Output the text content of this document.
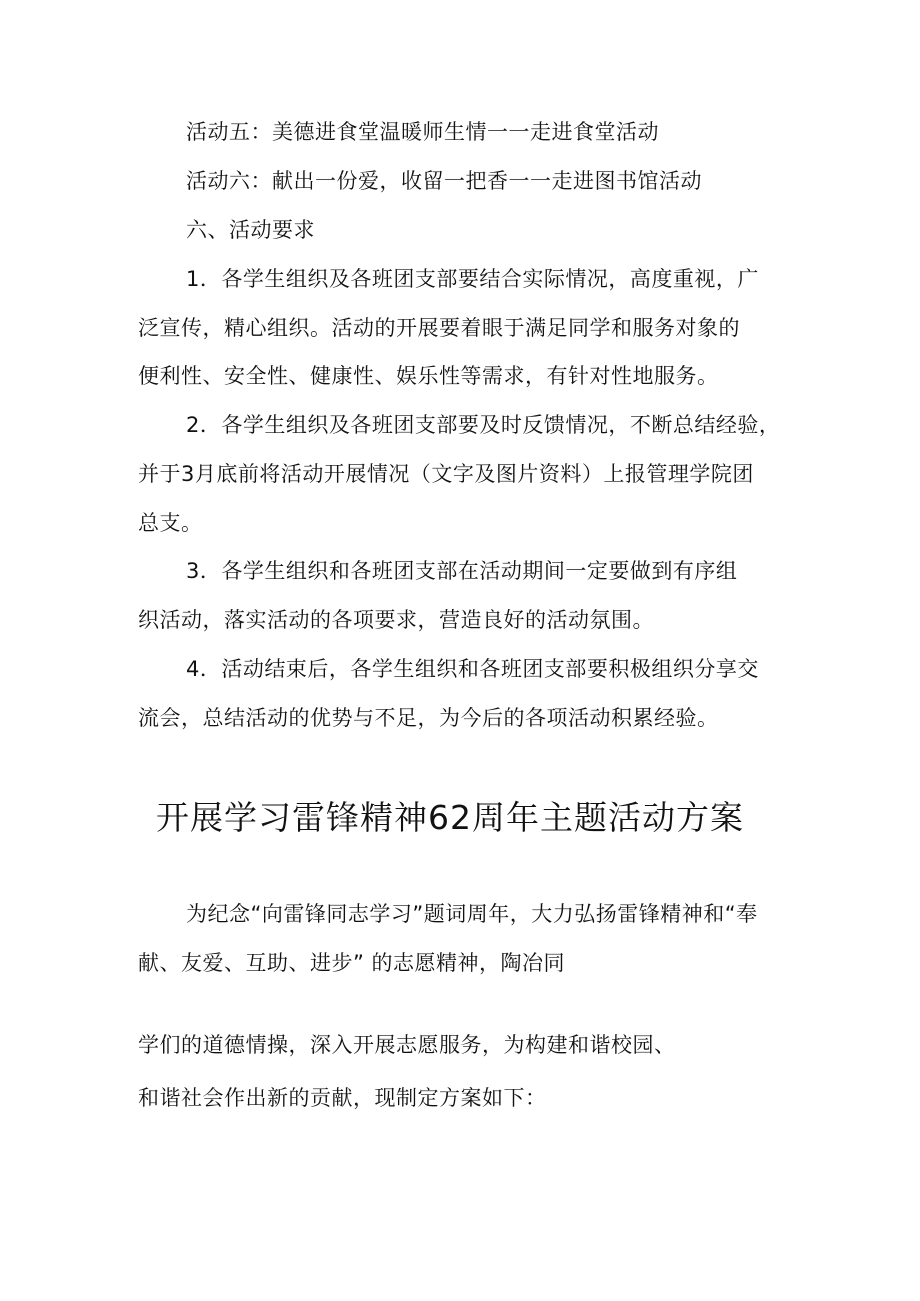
活动五：美德进食堂温暖师生情一一走进食堂活动
活动六：献出一份爱，收留一把香一一走进图书馆活动
六、活动要求
1．各学生组织及各班团支部要结合实际情况，高度重视，广
泛宣传，精心组织。活动的开展要着眼于满足同学和服务对象的
便利性、安全性、健康性、娱乐性等需求，有针对性地服务。
2．各学生组织及各班团支部要及时反馈情况，不断总结经验，
并于3月底前将活动开展情况（文字及图片资料）上报管理学院团
总支。
3．各学生组织和各班团支部在活动期间一定要做到有序组
织活动，落实活动的各项要求，营造良好的活动氛围。
4．活动结束后，各学生组织和各班团支部要积极组织分享交
流会，总结活动的优势与不足，为今后的各项活动积累经验。
开展学习雷锋精神62周年主题活动方案
为纪念“向雷锋同志学习”题词周年，大力弘扬雷锋精神和“奉
献、友爱、互助、进步” 的志愿精神，陶冶同
学们的道德情操，深入开展志愿服务，为构建和谐校园、
和谐社会作出新的贡献，现制定方案如下：
